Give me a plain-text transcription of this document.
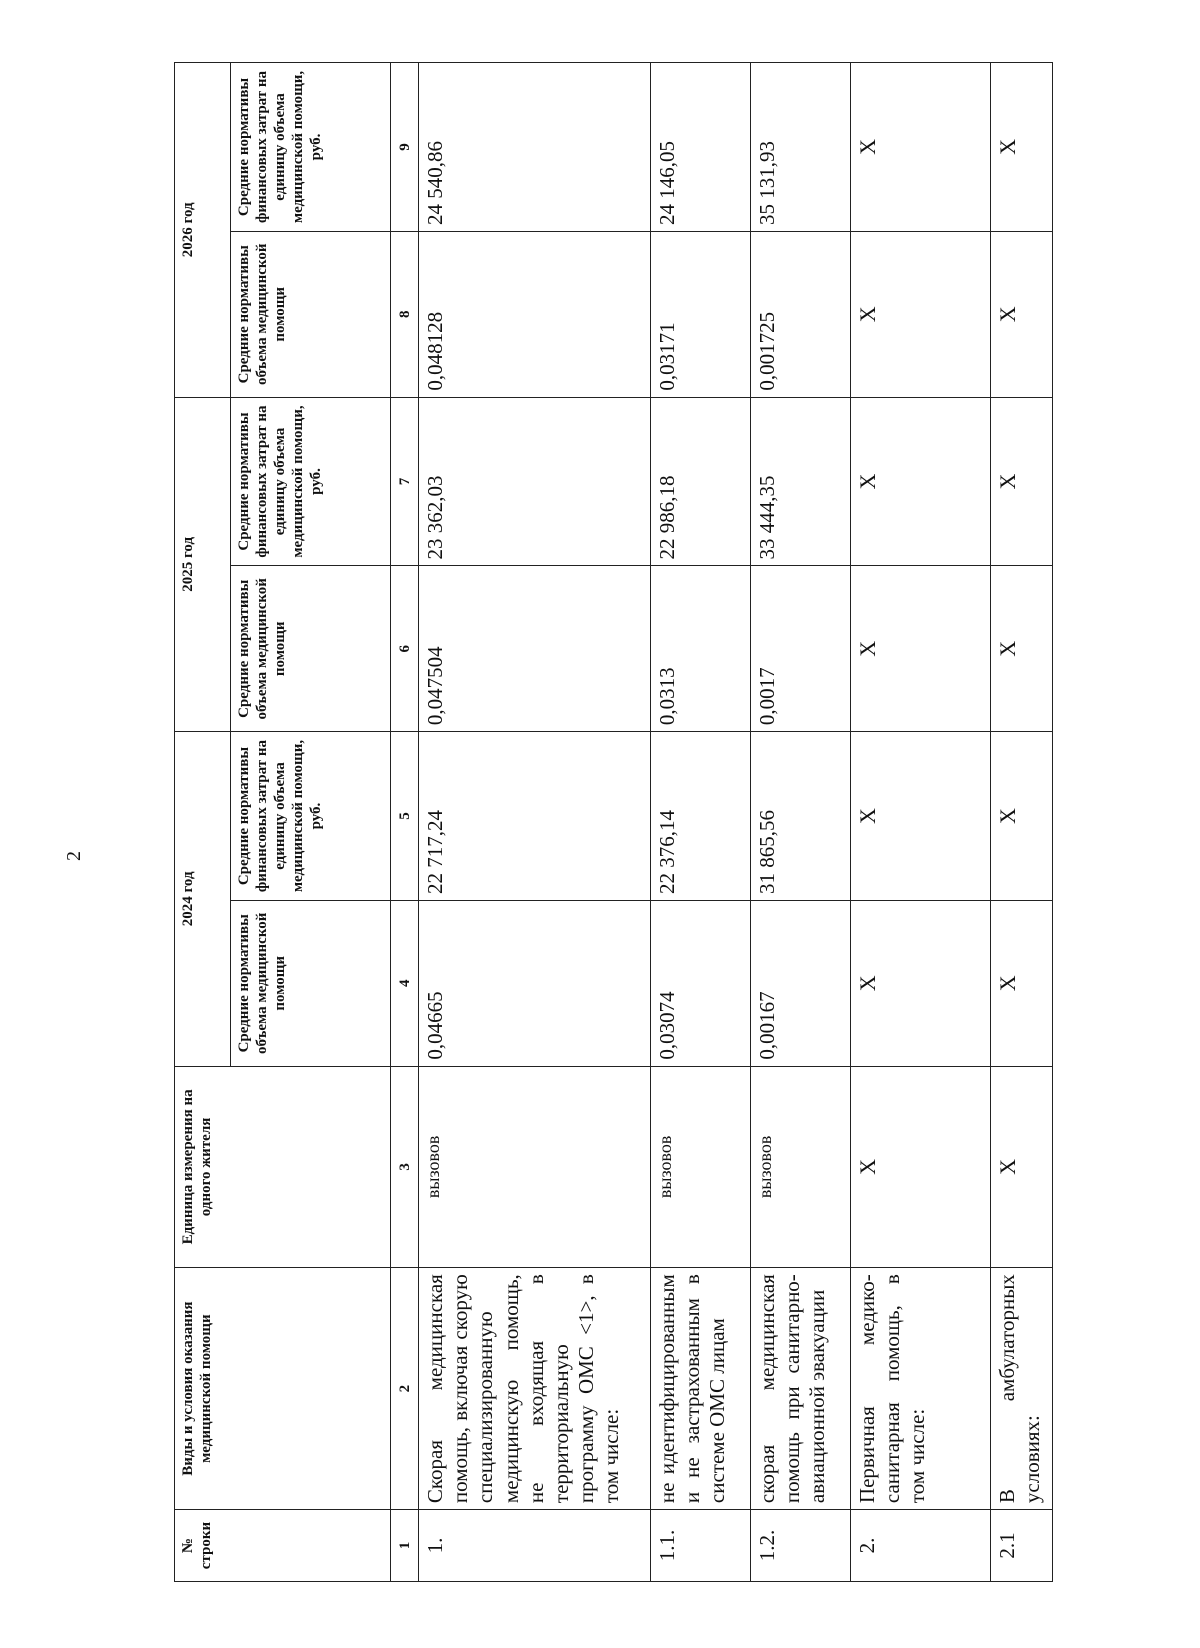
2
№ строки	Виды и условия оказания медицинской помощи	Единица измерения на одного жителя	2024 год		2025 год		2026 год	
			Средние нормативы объема медицинской помощи	Средние нормативы финансовых затрат на единицу объема медицинской помощи, руб.	Средние нормативы объема медицинской помощи	Средние нормативы финансовых затрат на единицу объема медицинской помощи, руб.	Средние нормативы объема медицинской помощи	Средние нормативы финансовых затрат на единицу объема медицинской помощи, руб.
1	2	3	4	5	6	7	8	9
1.	Скорая медицинская помощь, включая скорую специализированную медицинскую помощь, не входящая в территориальную программу ОМС <1>, в том числе:	вызовов	0,04665	22 717,24	0,047504	23 362,03	0,048128	24 540,86
1.1.	не идентифицированным и не застрахованным в системе ОМС лицам	вызовов	0,03074	22 376,14	0,0313	22 986,18	0,03171	24 146,05
1.2.	скорая медицинская помощь при санитарно-авиационной эвакуации	вызовов	0,00167	31 865,56	0,0017	33 444,35	0,001725	35 131,93
2.	Первичная медико-санитарная помощь, в том числе:	X	X	X	X	X	X	X
2.1	В амбулаторных условиях:	X	X	X	X	X	X	X
